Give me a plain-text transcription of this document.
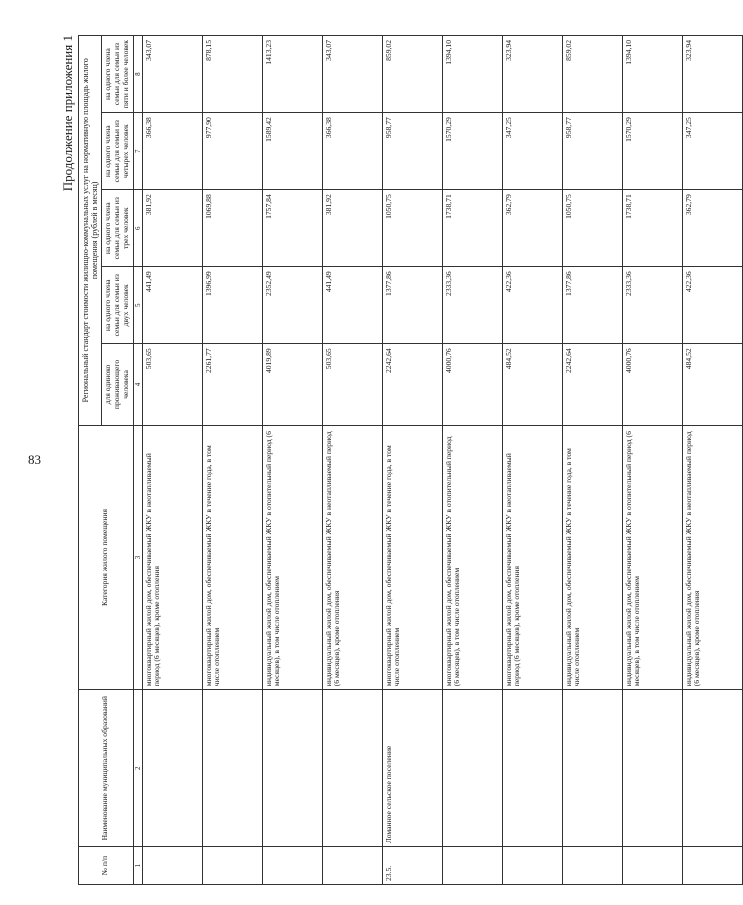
83
Продолжение приложения 1
№ п/п	Наименование муниципальных образований	Категория жилого помещения	Региональный стандарт стоимости жилищно-коммунальных услуг на нормативную площадь жилого помещения (рублей в месяц)				
			для одиноко проживающего человека	на одного члена семьи для семьи из двух человек	на одного члена семьи для семьи из трех человек	на одного члена семьи для семьи из четырех человек	на одного члена семьи для семьи из пяти и более человек
1	2	3	4	5	6	7	8
		многоквартирный жилой дом, обеспечиваемый ЖКУ в неотапливаемый период (6 месяцев), кроме отопления	503,65	441,49	381,92	366,38	343,07
		многоквартирный жилой дом, обеспечиваемый ЖКУ в течение года, в том числе отоплением	2261,77	1396,99	1069,88	977,90	878,15
		индивидуальный жилой дом, обеспечиваемый ЖКУ в отопительный период (6 месяцев), в том числе отоплением	4019,89	2352,49	1757,84	1589,42	1413,23
		индивидуальный жилой дом, обеспечиваемый ЖКУ в неотапливаемый период (6 месяцев), кроме отопления	503,65	441,49	381,92	366,38	343,07
23.5.	Ломанное сельское поселение	многоквартирный жилой дом, обеспечиваемый ЖКУ в течение года, в том числе отоплением	2242,64	1377,86	1050,75	958,77	859,02
		многоквартирный жилой дом, обеспечиваемый ЖКУ в отопительный период (6 месяцев), в том числе отоплением	4000,76	2333,36	1738,71	1570,29	1394,10
		многоквартирный жилой дом, обеспечиваемый ЖКУ в неотапливаемый период (6 месяцев), кроме отопления	484,52	422,36	362,79	347,25	323,94
		индивидуальный жилой дом, обеспечиваемый ЖКУ в течение года, в том числе отоплением	2242,64	1377,86	1050,75	958,77	859,02
		индивидуальный жилой дом, обеспечиваемый ЖКУ в отопительный период (6 месяцев), в том числе отоплением	4000,76	2333,36	1738,71	1570,29	1394,10
		индивидуальный жилой дом, обеспечиваемый ЖКУ в неотапливаемый период (6 месяцев), кроме отопления	484,52	422,36	362,79	347,25	323,94
